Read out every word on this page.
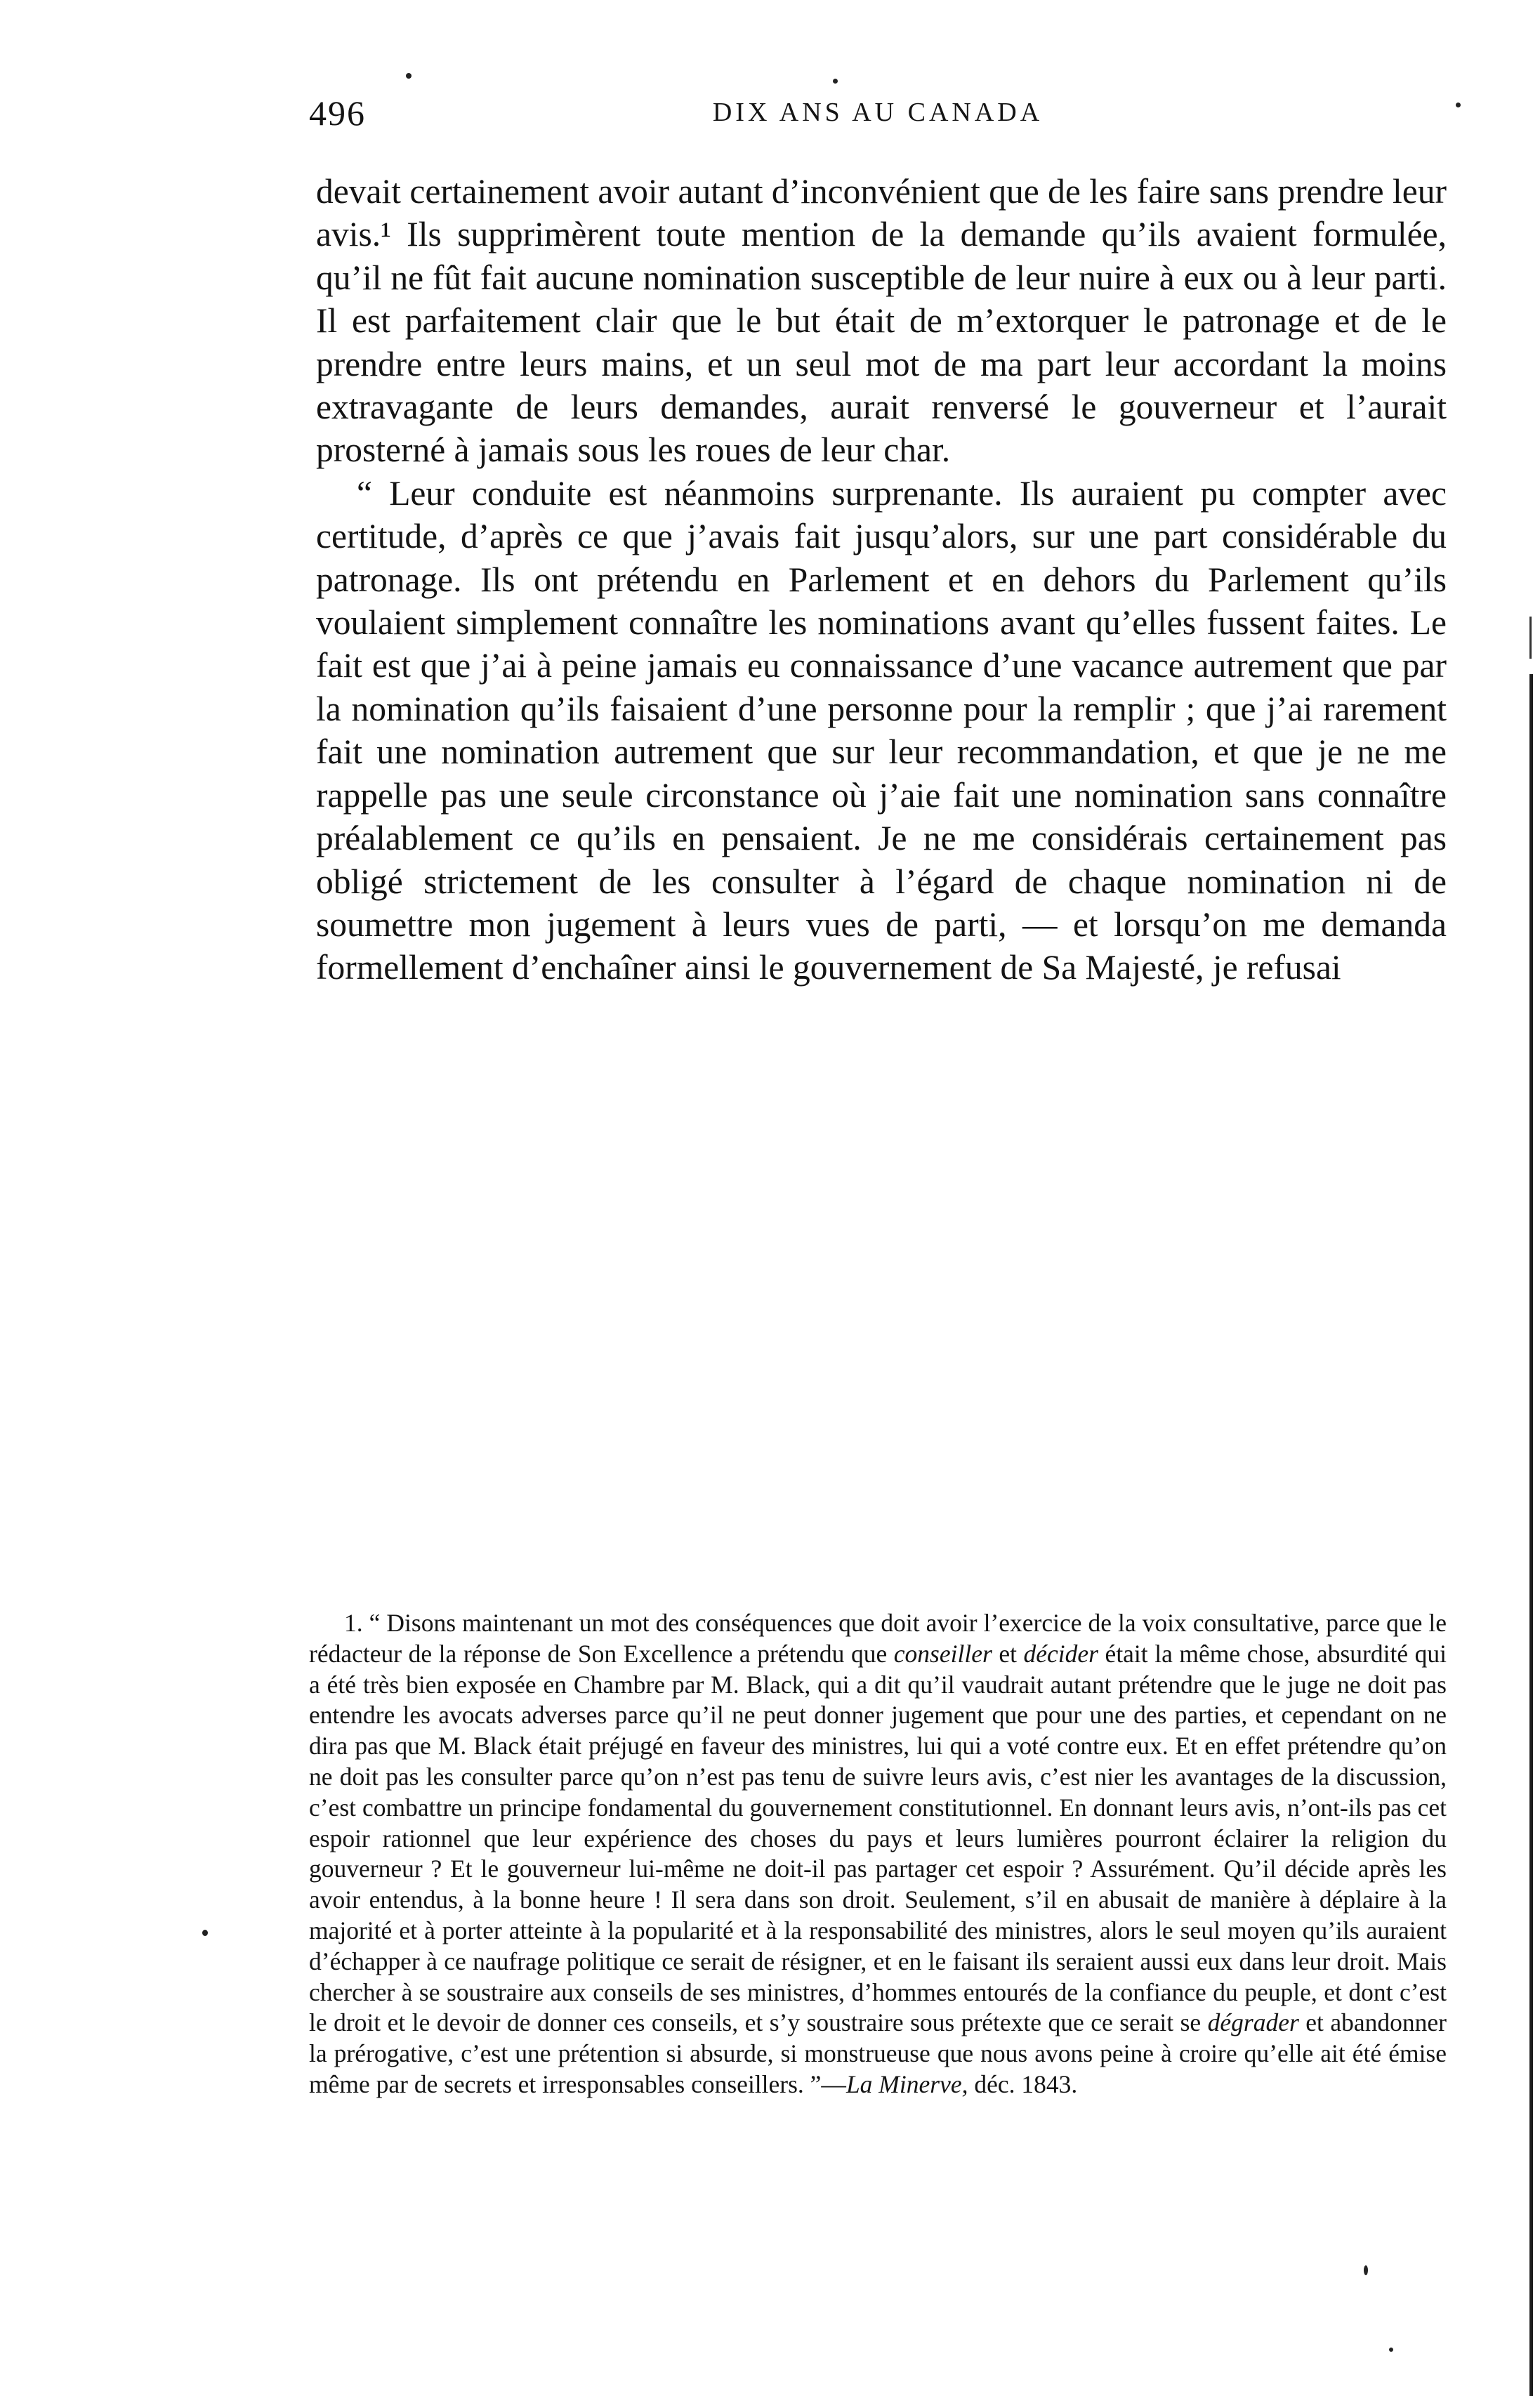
496	DIX ANS AU CANADA

devait certainement avoir autant d’inconvénient que de les faire sans prendre leur avis.¹ Ils supprimèrent toute mention de la demande qu’ils avaient formulée, qu’il ne fût fait aucune nomination susceptible de leur nuire à eux ou à leur parti. Il est parfaitement clair que le but était de m’extorquer le patronage et de le prendre entre leurs mains, et un seul mot de ma part leur accordant la moins extravagante de leurs demandes, aurait renversé le gouverneur et l’aurait prosterné à jamais sous les roues de leur char.

“ Leur conduite est néanmoins surprenante. Ils auraient pu compter avec certitude, d’après ce que j’avais fait jusqu’alors, sur une part considérable du patronage. Ils ont prétendu en Parlement et en dehors du Parlement qu’ils voulaient simplement connaître les nominations avant qu’elles fussent faites. Le fait est que j’ai à peine jamais eu connaissance d’une vacance autrement que par la nomination qu’ils faisaient d’une personne pour la remplir ; que j’ai rarement fait une nomination autrement que sur leur recommandation, et que je ne me rappelle pas une seule circonstance où j’aie fait une nomination sans connaître préalablement ce qu’ils en pensaient. Je ne me considérais certainement pas obligé strictement de les consulter à l’égard de chaque nomination ni de soumettre mon jugement à leurs vues de parti, — et lorsqu’on me demanda formellement d’enchaîner ainsi le gouvernement de Sa Majesté, je refusai

1. “ Disons maintenant un mot des conséquences que doit avoir l’exercice de la voix consultative, parce que le rédacteur de la réponse de Son Excellence a prétendu que conseiller et décider était la même chose, absurdité qui a été très bien exposée en Chambre par M. Black, qui a dit qu’il vaudrait autant prétendre que le juge ne doit pas entendre les avocats adverses parce qu’il ne peut donner jugement que pour une des parties, et cependant on ne dira pas que M. Black était préjugé en faveur des ministres, lui qui a voté contre eux. Et en effet prétendre qu’on ne doit pas les consulter parce qu’on n’est pas tenu de suivre leurs avis, c’est nier les avantages de la discussion, c’est combattre un principe fondamental du gouvernement constitutionnel. En donnant leurs avis, n’ont-ils pas cet espoir rationnel que leur expérience des choses du pays et leurs lumières pourront éclairer la religion du gouverneur ? Et le gouverneur lui-même ne doit-il pas partager cet espoir ? Assurément. Qu’il décide après les avoir entendus, à la bonne heure ! Il sera dans son droit. Seulement, s’il en abusait de manière à déplaire à la majorité et à porter atteinte à la popularité et à la responsabilité des ministres, alors le seul moyen qu’ils auraient d’échapper à ce naufrage politique ce serait de résigner, et en le faisant ils seraient aussi eux dans leur droit. Mais chercher à se soustraire aux conseils de ses ministres, d’hommes entourés de la confiance du peuple, et dont c’est le droit et le devoir de donner ces conseils, et s’y soustraire sous prétexte que ce serait se dégrader et abandonner la prérogative, c’est une prétention si absurde, si monstrueuse que nous avons peine à croire qu’elle ait été émise même par de secrets et irresponsables conseillers. ”—La Minerve, déc. 1843.
